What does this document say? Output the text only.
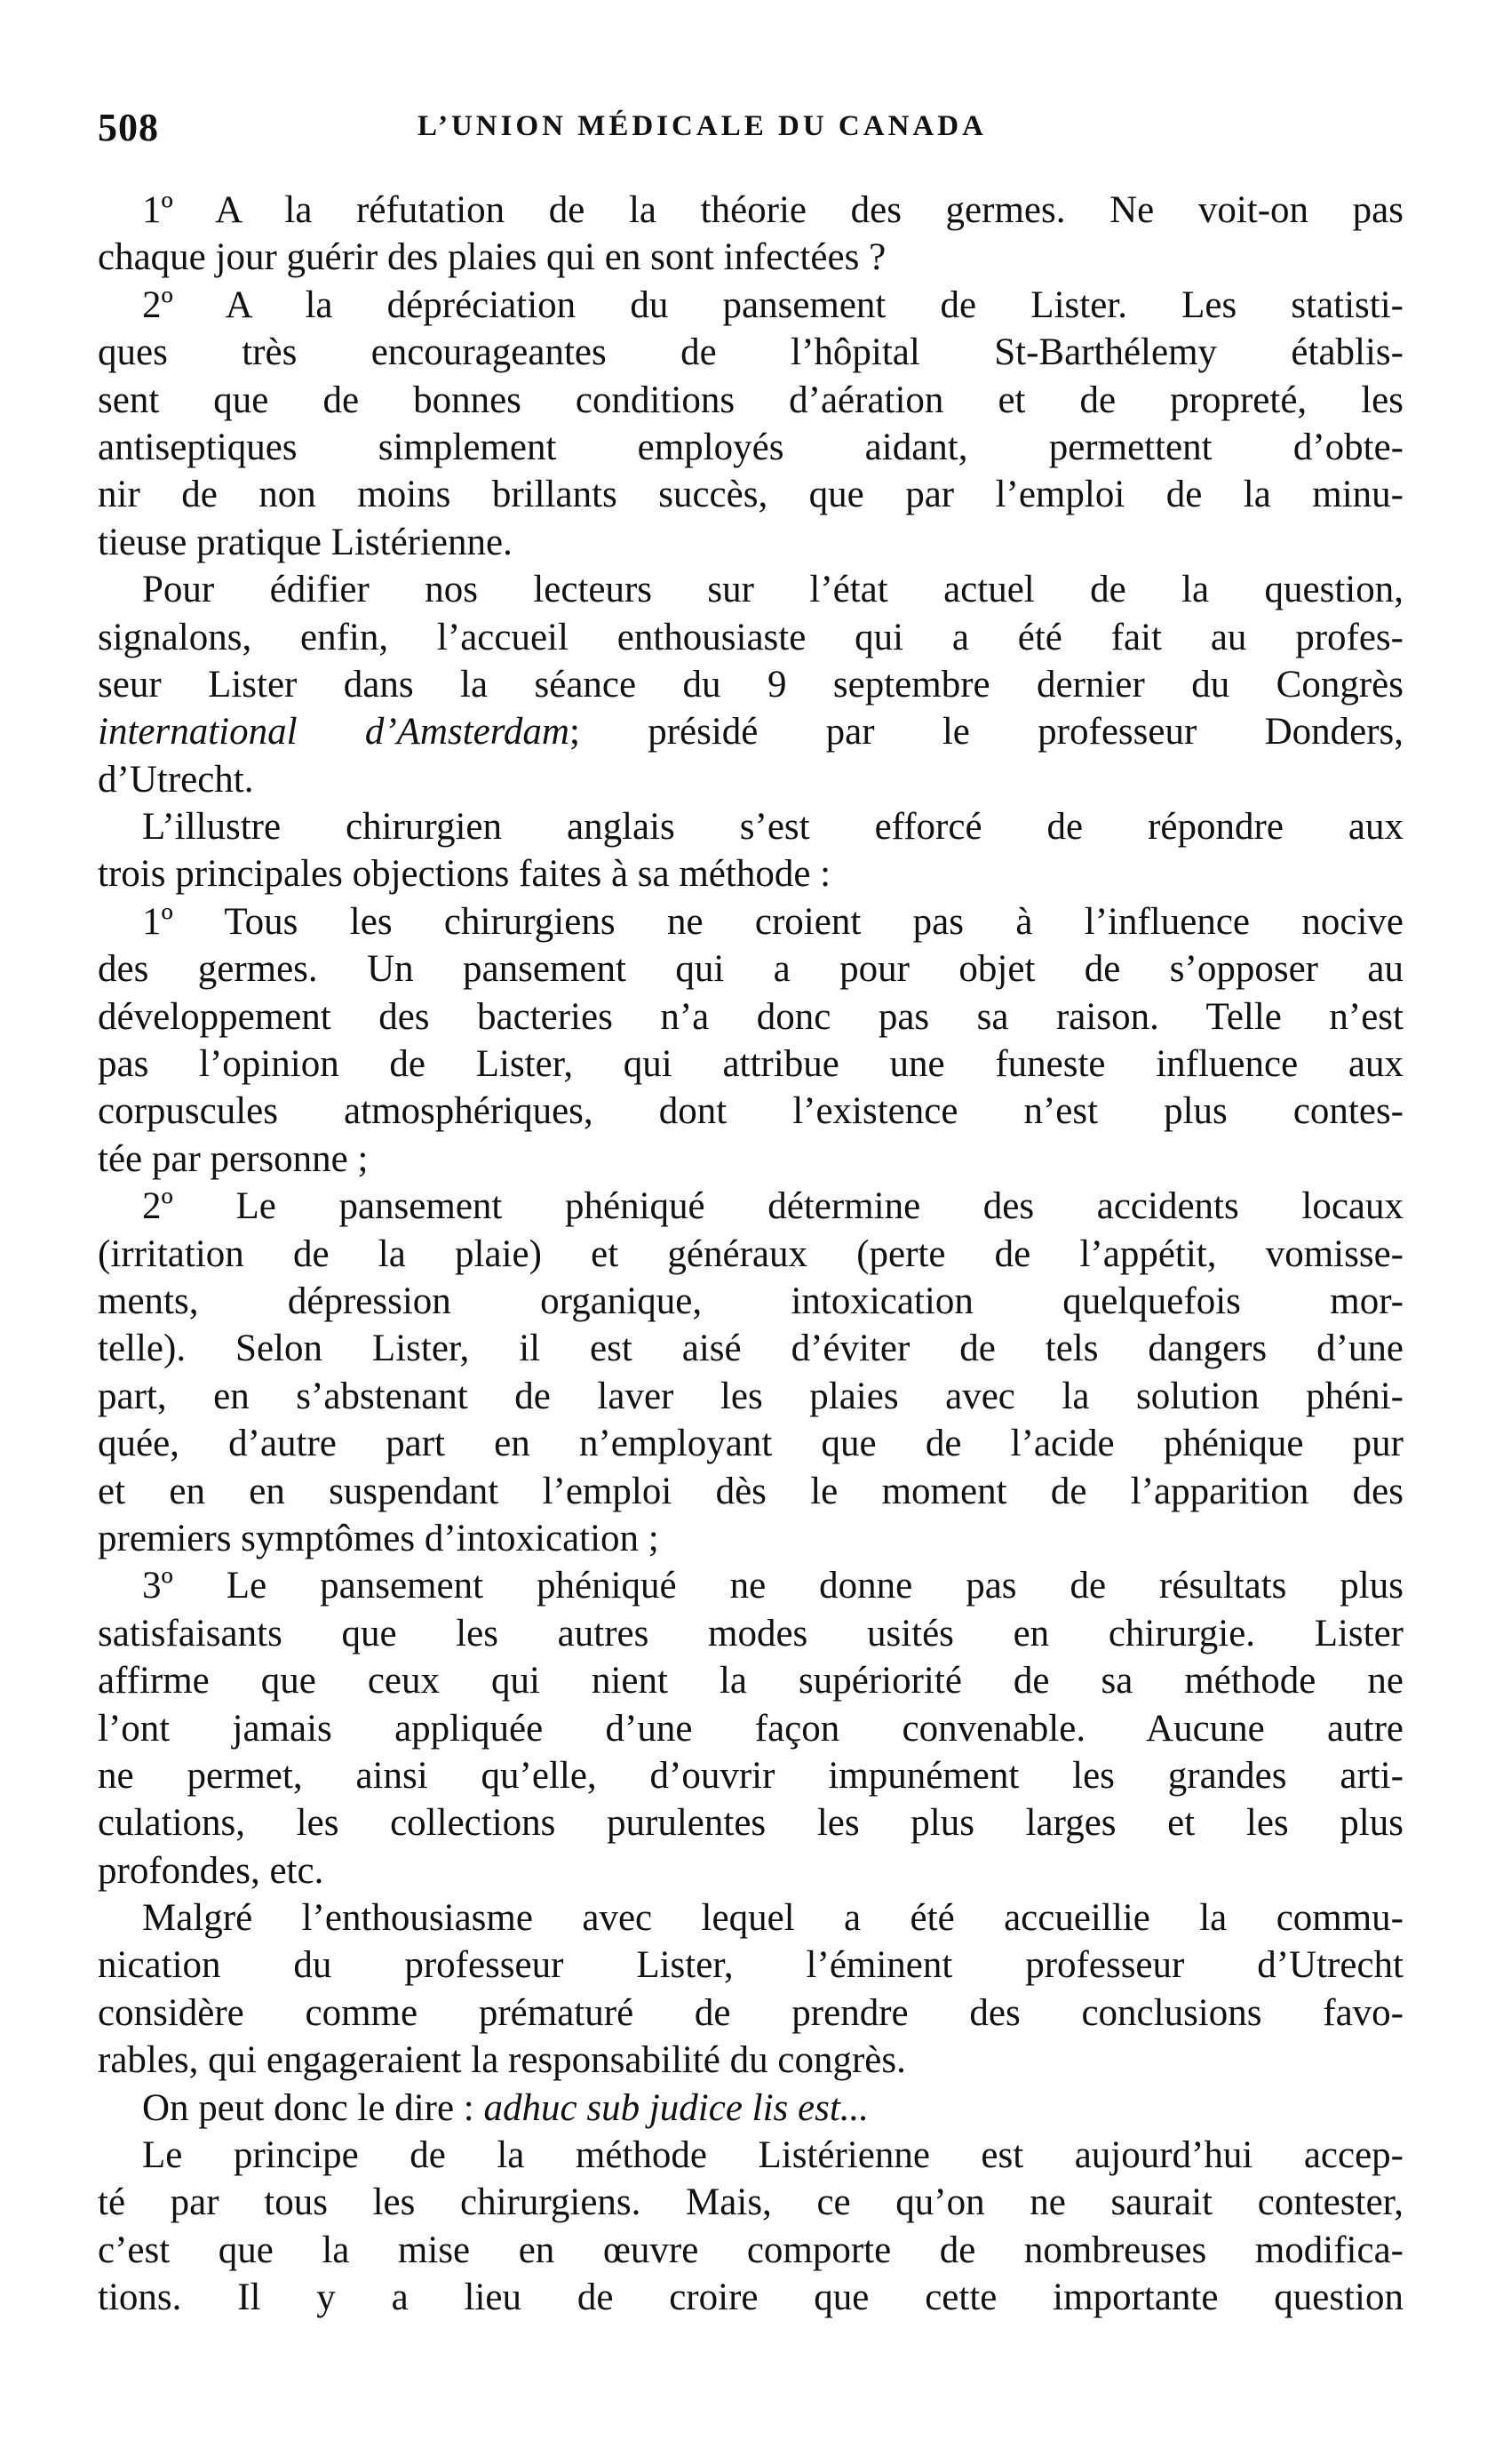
508	L’UNION MÉDICALE DU CANADA
1º A la réfutation de la théorie des germes. Ne voit-on pas
chaque jour guérir des plaies qui en sont infectées ?
2º A la dépréciation du pansement de Lister. Les statisti-
ques très encourageantes de l’hôpital St-Barthélemy établis-
sent que de bonnes conditions d’aération et de propreté, les
antiseptiques simplement employés aidant, permettent d’obte-
nir de non moins brillants succès, que par l’emploi de la minu-
tieuse pratique Listérienne.
Pour édifier nos lecteurs sur l’état actuel de la question,
signalons, enfin, l’accueil enthousiaste qui a été fait au profes-
seur Lister dans la séance du 9 septembre dernier du Congrès
international d’Amsterdam; présidé par le professeur Donders,
d’Utrecht.
L’illustre chirurgien anglais s’est efforcé de répondre aux
trois principales objections faites à sa méthode :
1º Tous les chirurgiens ne croient pas à l’influence nocive
des germes. Un pansement qui a pour objet de s’opposer au
développement des bacteries n’a donc pas sa raison. Telle n’est
pas l’opinion de Lister, qui attribue une funeste influence aux
corpuscules atmosphériques, dont l’existence n’est plus contes-
tée par personne ;
2º Le pansement phéniqué détermine des accidents locaux
(irritation de la plaie) et généraux (perte de l’appétit, vomisse-
ments, dépression organique, intoxication quelquefois mor-
telle). Selon Lister, il est aisé d’éviter de tels dangers d’une
part, en s’abstenant de laver les plaies avec la solution phéni-
quée, d’autre part en n’employant que de l’acide phénique pur
et en en suspendant l’emploi dès le moment de l’apparition des
premiers symptômes d’intoxication ;
3º Le pansement phéniqué ne donne pas de résultats plus
satisfaisants que les autres modes usités en chirurgie. Lister
affirme que ceux qui nient la supériorité de sa méthode ne
l’ont jamais appliquée d’une façon convenable. Aucune autre
ne permet, ainsi qu’elle, d’ouvrir impunément les grandes arti-
culations, les collections purulentes les plus larges et les plus
profondes, etc.
Malgré l’enthousiasme avec lequel a été accueillie la commu-
nication du professeur Lister, l’éminent professeur d’Utrecht
considère comme prématuré de prendre des conclusions favo-
rables, qui engageraient la responsabilité du congrès.
On peut donc le dire : adhuc sub judice lis est...
Le principe de la méthode Listérienne est aujourd’hui accep-
té par tous les chirurgiens. Mais, ce qu’on ne saurait contester,
c’est que la mise en œuvre comporte de nombreuses modifica-
tions. Il y a lieu de croire que cette importante question
